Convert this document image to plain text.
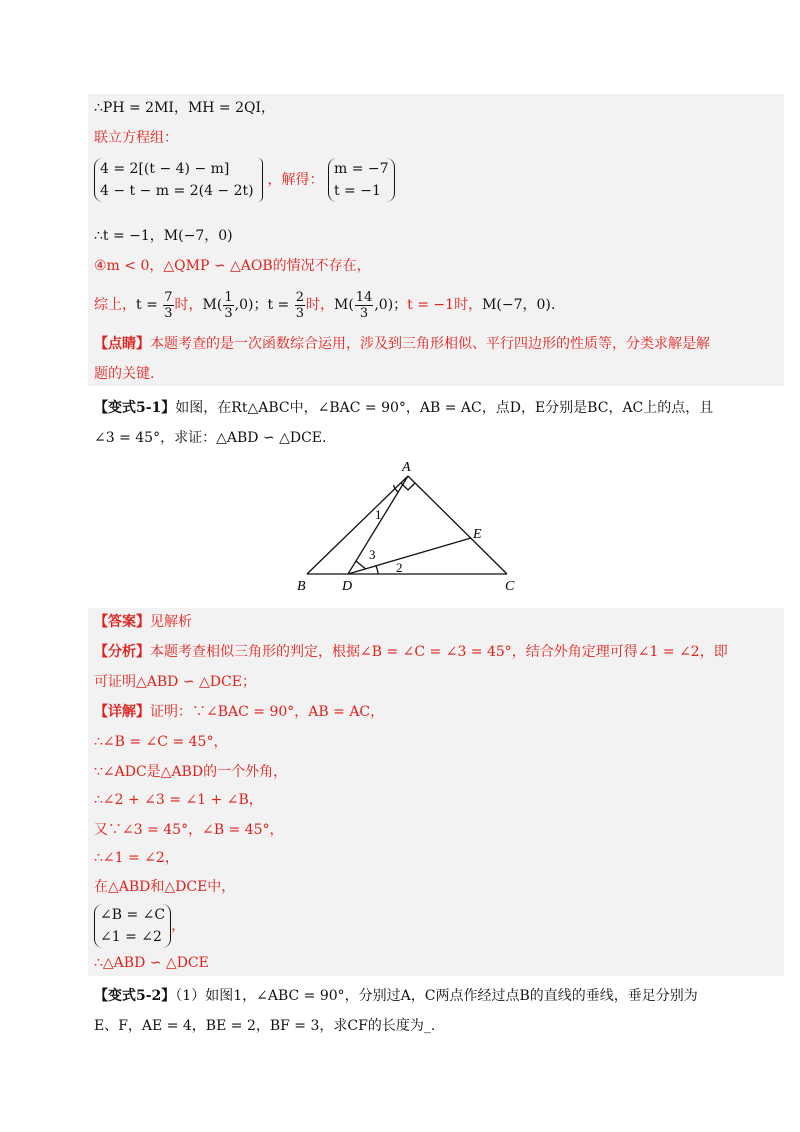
∴PH = 2MI，MH = 2QI，
联立方程组：
4 = 2[(t − 4) − m]
4 − t − m = 2(4 − 2t)
，解得： m = −7
t = −1
∴t = −1，M(−7，0)
④m < 0，△QMP ∽ △AOB的情况不存在，
综上，$t = \frac{7}{3}$ 时，$M( \frac{1}{3} ,0)$；$t = \frac{2}{3}$ 时，$M( \frac{14}{3} ,0)$；t = −1时，M(−7，0).
【点睛】本题考查的是一次函数综合运用，涉及到三角形相似、平行四边形的性质等，分类求解是解
题的关键.
【变式5-1】如图，在Rt△ABC中，∠BAC = 90°，AB = AC，点D，E分别是BC，AC上的点，且
∠3 = 45°，求证：△ABD ∽ △DCE.
A
B	C
D
E
1
2
3
【答案】见解析
【分析】本题考查相似三角形的判定，根据∠B = ∠C = ∠3 = 45°，结合外角定理可得∠1 = ∠2，即
可证明△ABD ∽ △DCE；
【详解】证明：∵∠BAC = 90°，AB = AC，
∴∠B = ∠C = 45°，
∵∠ADC是△ABD的一个外角，
∴∠2 + ∠3 = ∠1 + ∠B，
又∵∠3 = 45°，∠B = 45°，
∴∠1 = ∠2，
在△ABD和△DCE中，
∠B = ∠C
∠1 = ∠2，
∴△ABD ∽ △DCE
【变式5-2】（1）如图1，∠ABC = 90°，分别过A，C两点作经过点B的直线的垂线，垂足分别为
E、F，AE = 4，BE = 2，BF = 3，求CF的长度为_.
